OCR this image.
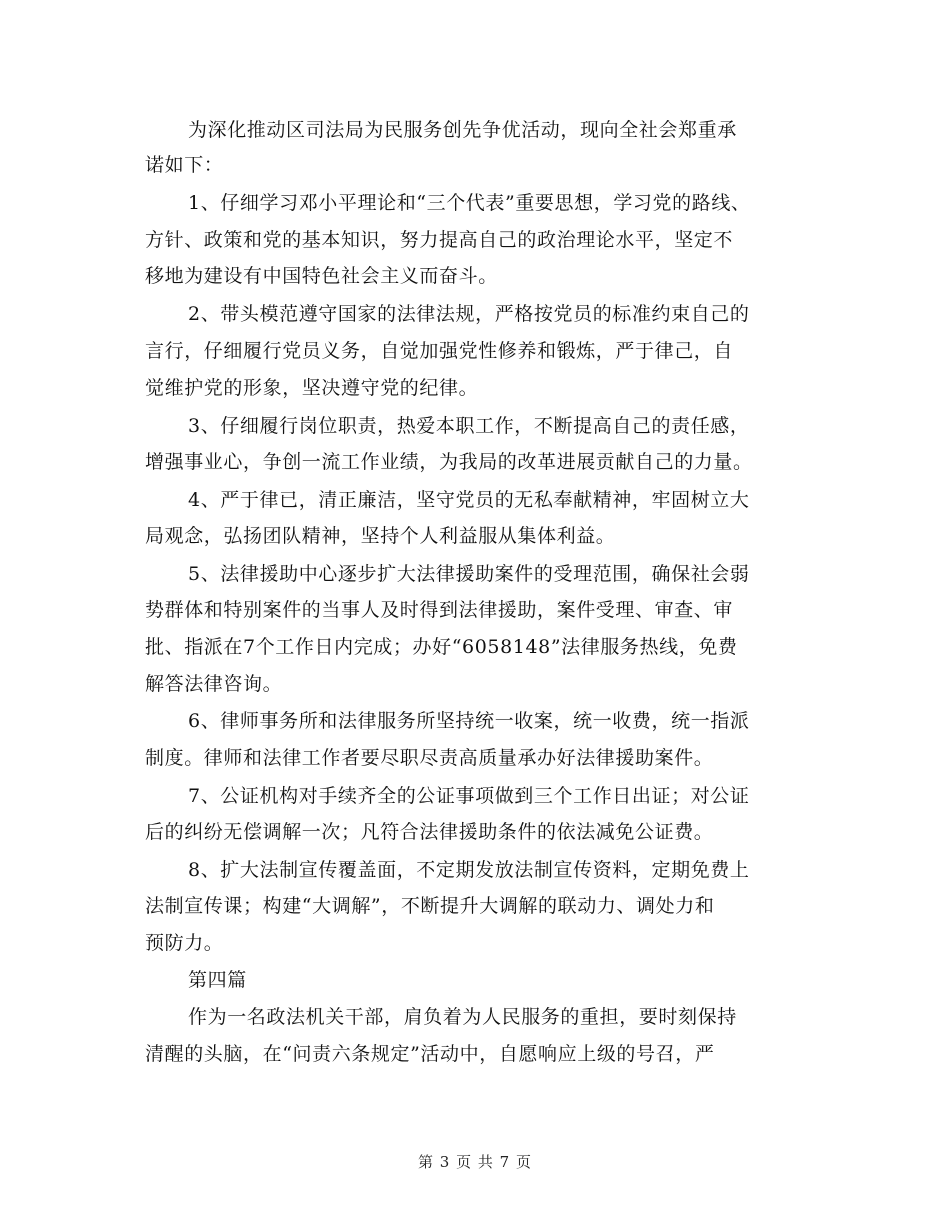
为深化推动区司法局为民服务创先争优活动，现向全社会郑重承
诺如下：
1、仔细学习邓小平理论和“三个代表”重要思想，学习党的路线、
方针、政策和党的基本知识，努力提高自己的政治理论水平，坚定不
移地为建设有中国特色社会主义而奋斗。
2、带头模范遵守国家的法律法规，严格按党员的标准约束自己的
言行，仔细履行党员义务，自觉加强党性修养和锻炼，严于律己，自
觉维护党的形象，坚决遵守党的纪律。
3、仔细履行岗位职责，热爱本职工作，不断提高自己的责任感，
增强事业心，争创一流工作业绩，为我局的改革进展贡献自己的力量。
4、严于律已，清正廉洁，坚守党员的无私奉献精神，牢固树立大
局观念，弘扬团队精神，坚持个人利益服从集体利益。
5、法律援助中心逐步扩大法律援助案件的受理范围，确保社会弱
势群体和特别案件的当事人及时得到法律援助，案件受理、审查、审
批、指派在7个工作日内完成；办好“6058148”法律服务热线，免费
解答法律咨询。
6、律师事务所和法律服务所坚持统一收案，统一收费，统一指派
制度。律师和法律工作者要尽职尽责高质量承办好法律援助案件。
7、公证机构对手续齐全的公证事项做到三个工作日出证；对公证
后的纠纷无偿调解一次；凡符合法律援助条件的依法减免公证费。
8、扩大法制宣传覆盖面，不定期发放法制宣传资料，定期免费上
法制宣传课；构建“大调解”，不断提升大调解的联动力、调处力和
预防力。
第四篇
作为一名政法机关干部，肩负着为人民服务的重担，要时刻保持
清醒的头脑，在“问责六条规定”活动中，自愿响应上级的号召，严
第 3 页 共 7 页
